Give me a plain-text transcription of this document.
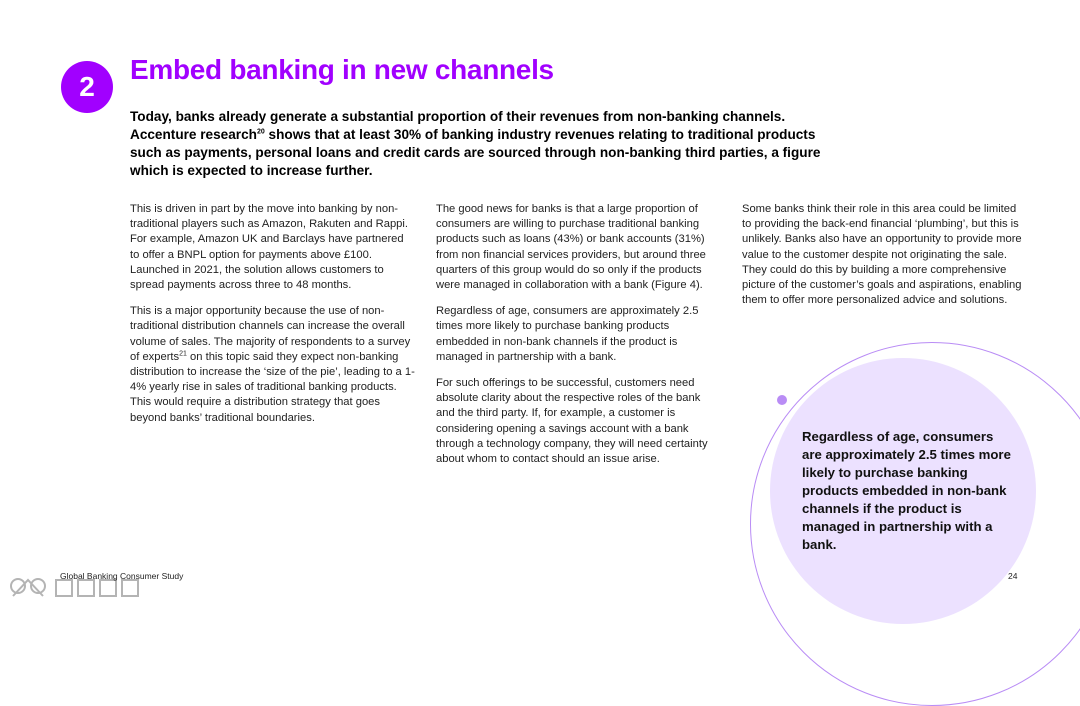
2
Embed banking in new channels

Today, banks already generate a substantial proportion of their revenues from non-banking channels. Accenture research$^{20}$ shows that at least 30% of banking industry revenues relating to traditional products such as payments, personal loans and credit cards are sourced through non-banking third parties, a figure which is expected to increase further.

This is driven in part by the move into banking by non-traditional players such as Amazon, Rakuten and Rappi. For example, Amazon UK and Barclays have partnered to offer a BNPL option for payments above £100. Launched in 2021, the solution allows customers to spread payments across three to 48 months.

This is a major opportunity because the use of non-traditional distribution channels can increase the overall volume of sales. The majority of respondents to a survey of experts$^{21}$ on this topic said they expect non-banking distribution to increase the ‘size of the pie’, leading to a 1-4% yearly rise in sales of traditional banking products. This would require a distribution strategy that goes beyond banks’ traditional boundaries.

The good news for banks is that a large proportion of consumers are willing to purchase traditional banking products such as loans (43%) or bank accounts (31%) from non financial services providers, but around three quarters of this group would do so only if the products were managed in collaboration with a bank (Figure 4).

Regardless of age, consumers are approximately 2.5 times more likely to purchase banking products embedded in non-bank channels if the product is managed in partnership with a bank.

For such offerings to be successful, customers need absolute clarity about the respective roles of the bank and the third party. If, for example, a customer is considering opening a savings account with a bank through a technology company, they will need certainty about whom to contact should an issue arise.

Some banks think their role in this area could be limited to providing the back-end financial ‘plumbing’, but this is unlikely. Banks also have an opportunity to provide more value to the customer despite not originating the sale. They could do this by building a more comprehensive picture of the customer’s goals and aspirations, enabling them to offer more personalized advice and solutions.

Regardless of age, consumers are approximately 2.5 times more likely to purchase banking products embedded in non-bank channels if the product is managed in partnership with a bank.

Global Banking Consumer Study	24
